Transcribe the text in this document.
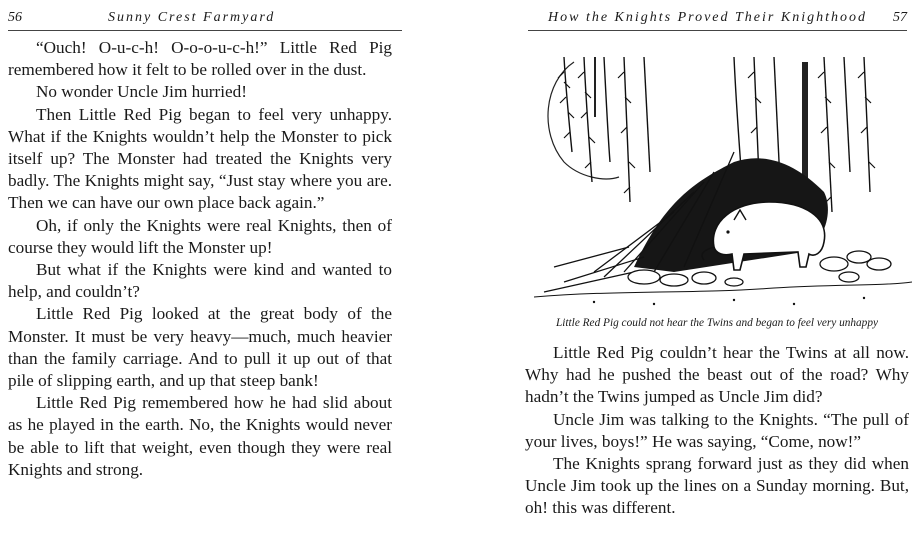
56	Sunny Crest Farmyard

“Ouch! O-u-c-h! O-o-o-u-c-h!” Little Red Pig remembered how it felt to be rolled over in the dust.

No wonder Uncle Jim hurried!

Then Little Red Pig began to feel very unhappy. What if the Knights wouldn’t help the Monster to pick itself up? The Monster had treated the Knights very badly. The Knights might say, “Just stay where you are. Then we can have our own place back again.”

Oh, if only the Knights were real Knights, then of course they would lift the Monster up!

But what if the Knights were kind and wanted to help, and couldn’t?

Little Red Pig looked at the great body of the Monster. It must be very heavy—much, much heavier than the family carriage. And to pull it up out of that pile of slipping earth, and up that steep bank!

Little Red Pig remembered how he had slid about as he played in the earth. No, the Knights would never be able to lift that weight, even though they were real Knights and strong.

How the Knights Proved Their Knighthood 57
Little Red Pig could not hear the Twins and began to feel very unhappy

Little Red Pig couldn’t hear the Twins at all now. Why had he pushed the beast out of the road? Why hadn’t the Twins jumped as Uncle Jim did?

Uncle Jim was talking to the Knights. “The pull of your lives, boys!” He was saying, “Come, now!”

The Knights sprang forward just as they did when Uncle Jim took up the lines on a Sunday morning. But, oh! this was different.
